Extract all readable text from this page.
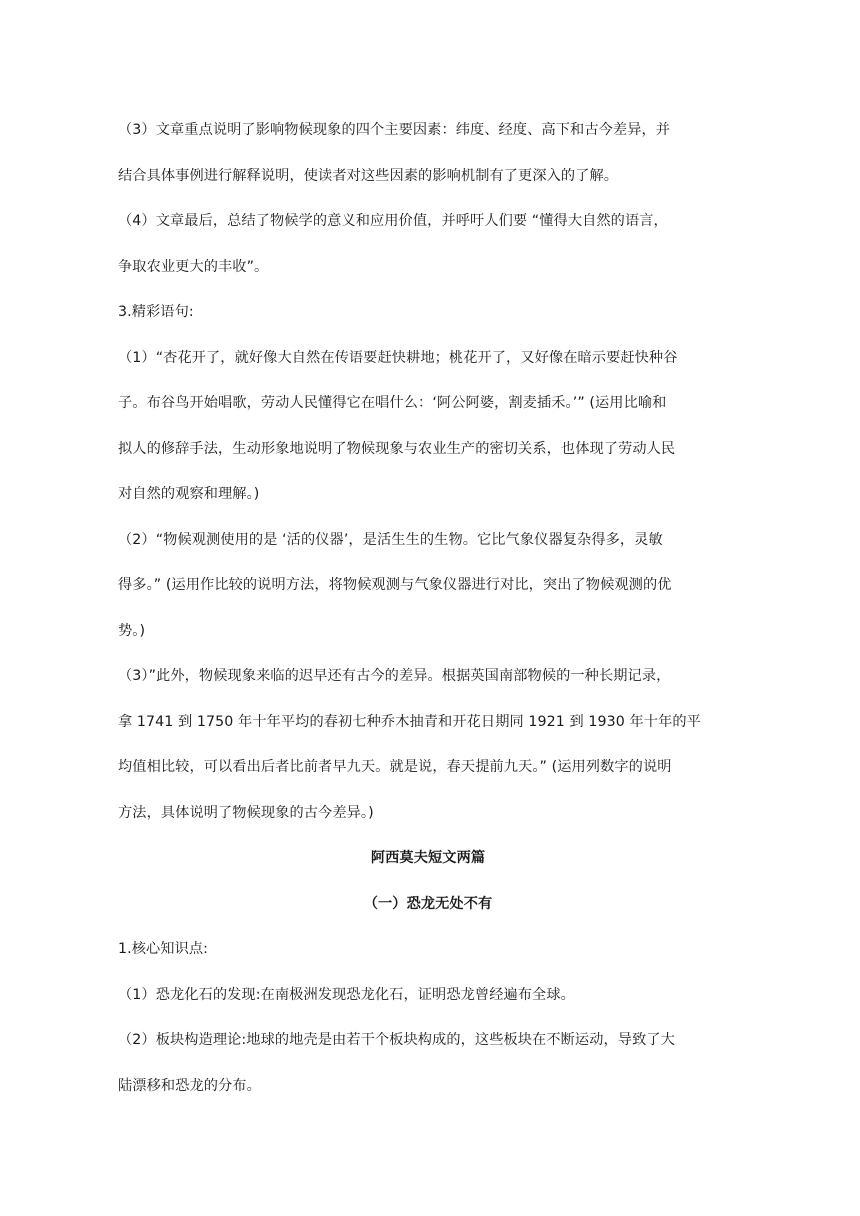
（3）文章重点说明了影响物候现象的四个主要因素：纬度、经度、高下和古今差异，并
结合具体事例进行解释说明，使读者对这些因素的影响机制有了更深入的了解。
（4）文章最后，总结了物候学的意义和应用价值，并呼吁人们要 “懂得大自然的语言，
争取农业更大的丰收”。
3.精彩语句:
（1）“杏花开了，就好像大自然在传语要赶快耕地；桃花开了，又好像在暗示要赶快种谷
子。布谷鸟开始唱歌，劳动人民懂得它在唱什么：‘阿公阿婆，割麦插禾。’” (运用比喻和
拟人的修辞手法，生动形象地说明了物候现象与农业生产的密切关系，也体现了劳动人民
对自然的观察和理解。)
（2）“物候观测使用的是 ‘活的仪器’，是活生生的生物。它比气象仪器复杂得多，灵敏
得多。” (运用作比较的说明方法，将物候观测与气象仪器进行对比，突出了物候观测的优
势。)
（3）”此外，物候现象来临的迟早还有古今的差异。根据英国南部物候的一种长期记录，
拿 1741 到 1750 年十年平均的春初七种乔木抽青和开花日期同 1921 到 1930 年十年的平
均值相比较，可以看出后者比前者早九天。就是说，春天提前九天。” (运用列数字的说明
方法，具体说明了物候现象的古今差异。)
阿西莫夫短文两篇
（一）恐龙无处不有
1.核心知识点:
（1）恐龙化石的发现:在南极洲发现恐龙化石，证明恐龙曾经遍布全球。
（2）板块构造理论:地球的地壳是由若干个板块构成的，这些板块在不断运动，导致了大
陆漂移和恐龙的分布。
